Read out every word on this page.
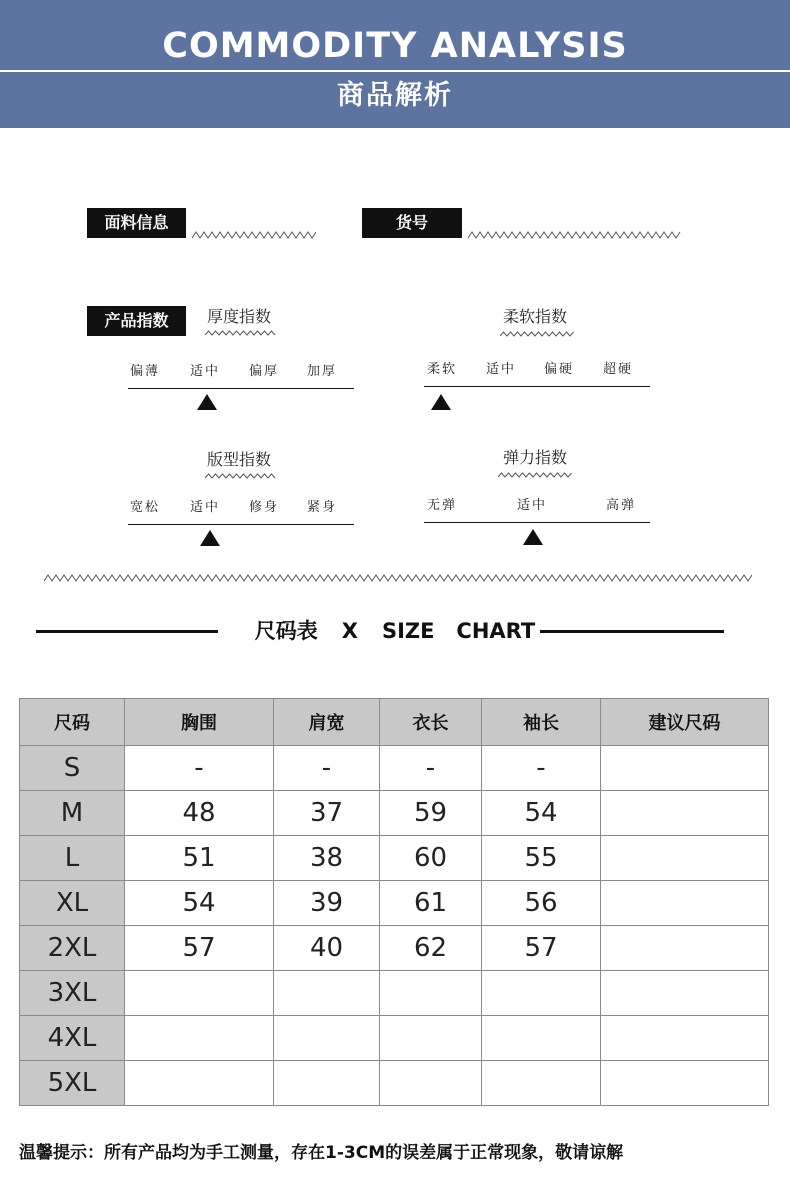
COMMODITY ANALYSIS
商品解析
面料信息	货号
产品指数	厚度指数
偏薄 适中 偏厚 加厚
柔软指数
柔软 适中 偏硬 超硬
版型指数
宽松 适中 修身 紧身
弹力指数
无弹	适中	高弹
尺码表 X SIZE   CHART
尺码	胸围	肩宽	衣长	袖长	建议尺码
S	-	-	-	-	
M	48	37	59	54	
L	51	38	60	55	
XL	54	39	61	56	
2XL	57	40	62	57	
3XL					
4XL					
5XL					
温馨提示：所有产品均为手工测量，存在1-3CM的误差属于正常现象，敬请谅解
